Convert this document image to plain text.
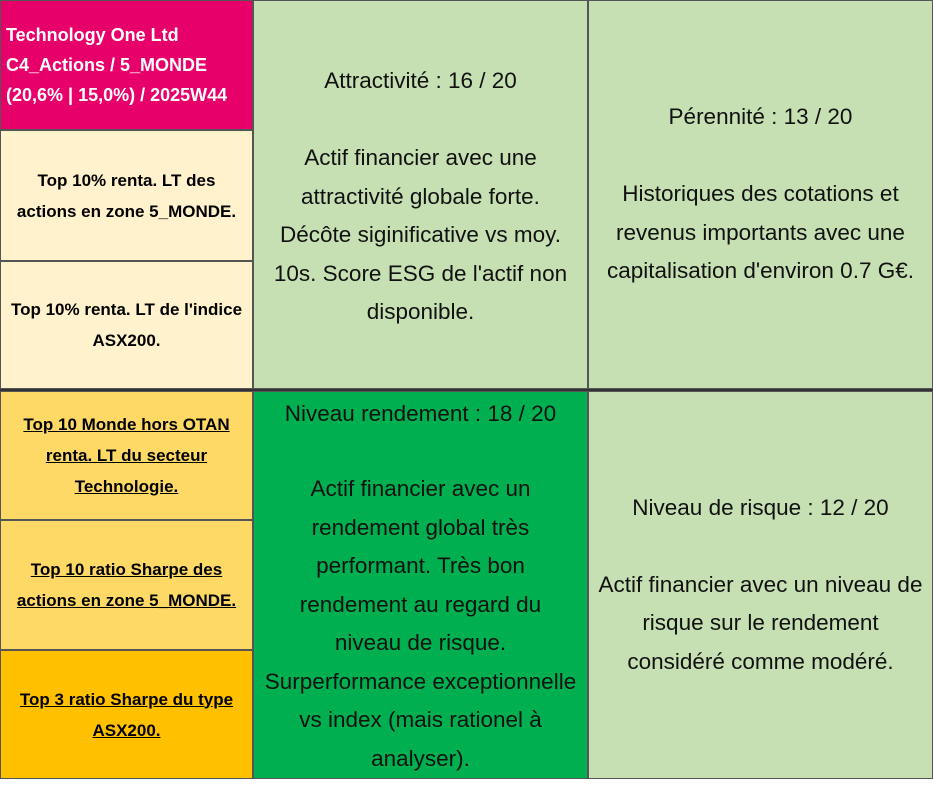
Technology One Ltd
C4_Actions / 5_MONDE
(20,6% | 15,0%) / 2025W44
Top 10% renta. LT des
actions en zone 5_MONDE.
Top 10% renta. LT de l'indice
ASX200.
Top 10 Monde hors OTAN
renta. LT du secteur
Technologie.
Top 10 ratio Sharpe des
actions en zone 5_MONDE.
Top 3 ratio Sharpe du type
ASX200.
Attractivité : 16 / 20
Actif financier avec une
attractivité globale forte.
Décôte siginificative vs moy.
10s. Score ESG de l'actif non
disponible.
Pérennité : 13 / 20
Historiques des cotations et
revenus importants avec une
capitalisation d'environ 0.7 G€.
Niveau rendement : 18 / 20
Actif financier avec un
rendement global très
performant. Très bon
rendement au regard du
niveau de risque.
Surperformance exceptionnelle
vs index (mais rationel à
analyser).
Niveau de risque : 12 / 20
Actif financier avec un niveau de
risque sur le rendement
considéré comme modéré.
